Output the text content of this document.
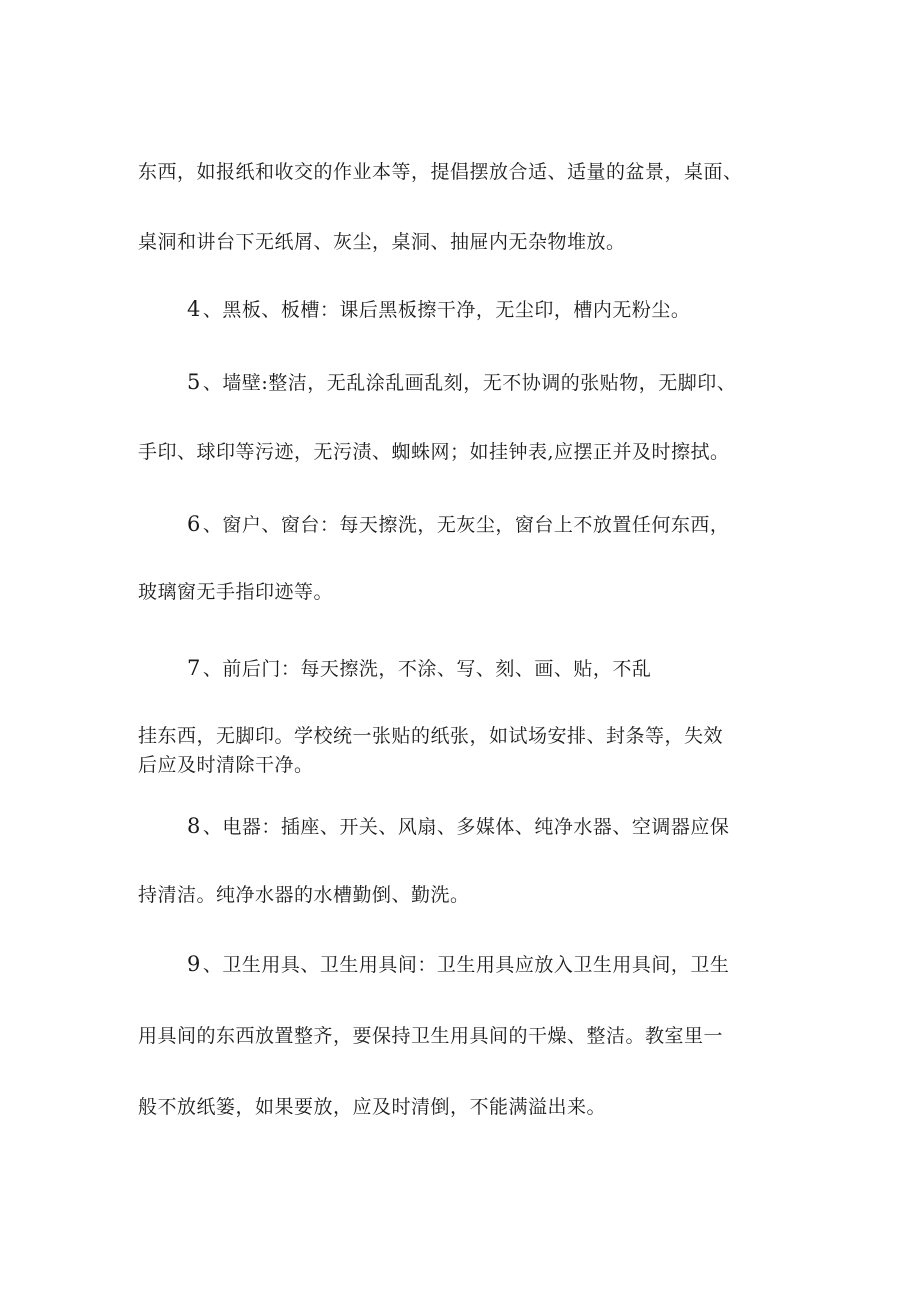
东西，如报纸和收交的作业本等，提倡摆放合适、适量的盆景，桌面、
桌洞和讲台下无纸屑、灰尘，桌洞、抽屉内无杂物堆放。
4 、黑板、板槽：课后黑板擦干净，无尘印，槽内无粉尘。
5 、墙壁:整洁，无乱涂乱画乱刻，无不协调的张贴物，无脚印、
手印、球印等污迹，无污渍、蜘蛛网；如挂钟表,应摆正并及时擦拭。
6 、窗户、窗台：每天擦洗，无灰尘，窗台上不放置任何东西，
玻璃窗无手指印迹等。
7 、前后门：每天擦洗，不涂、写、刻、画、贴，不乱
挂东西，无脚印。学校统一张贴的纸张，如试场安排、封条等，失效
后应及时清除干净。
8 、电器：插座、开关、风扇、多媒体、纯净水器、空调器应保
持清洁。纯净水器的水槽勤倒、勤洗。
9 、卫生用具、卫生用具间：卫生用具应放入卫生用具间，卫生
用具间的东西放置整齐，要保持卫生用具间的干燥、整洁。教室里一
般不放纸篓，如果要放，应及时清倒，不能满溢出来。
